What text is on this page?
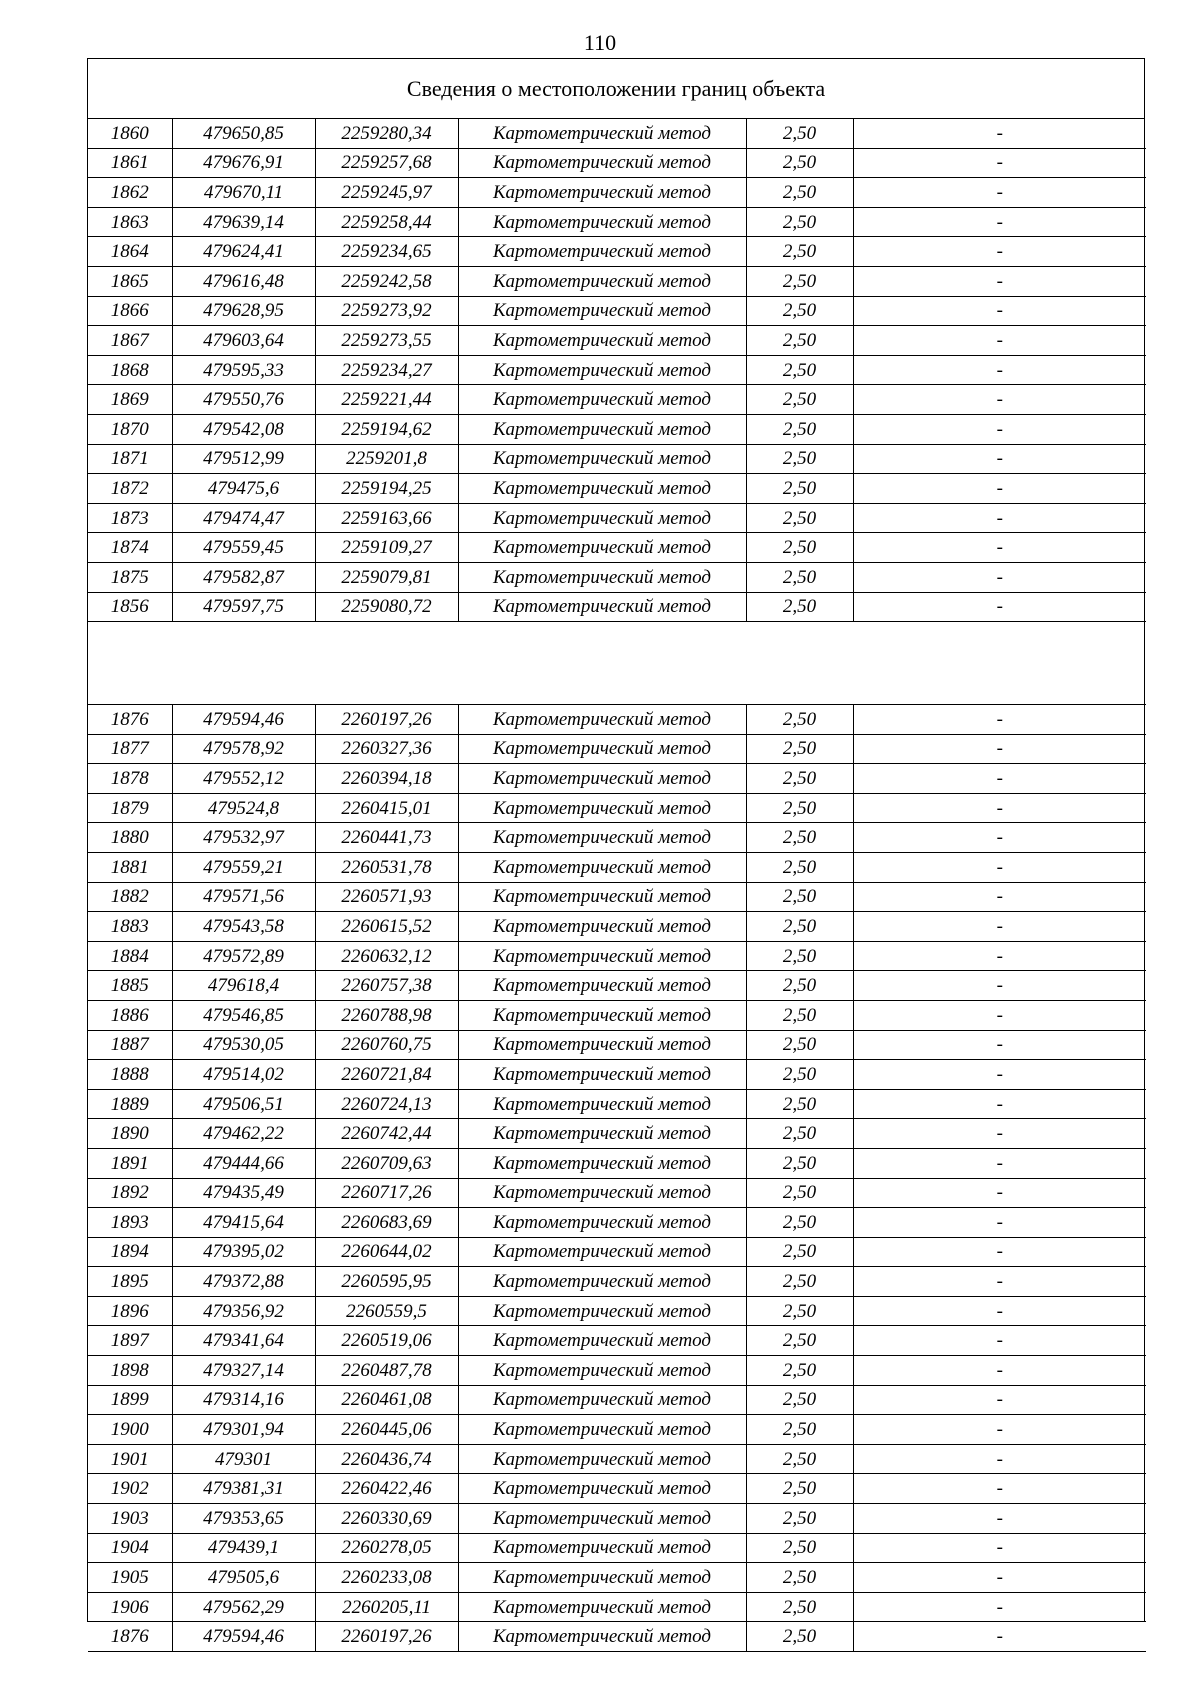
110
Сведения о местоположении границ объекта
1860	479650,85	2259280,34	Картометрический метод	2,50	-
1861	479676,91	2259257,68	Картометрический метод	2,50	-
1862	479670,11	2259245,97	Картометрический метод	2,50	-
1863	479639,14	2259258,44	Картометрический метод	2,50	-
1864	479624,41	2259234,65	Картометрический метод	2,50	-
1865	479616,48	2259242,58	Картометрический метод	2,50	-
1866	479628,95	2259273,92	Картометрический метод	2,50	-
1867	479603,64	2259273,55	Картометрический метод	2,50	-
1868	479595,33	2259234,27	Картометрический метод	2,50	-
1869	479550,76	2259221,44	Картометрический метод	2,50	-
1870	479542,08	2259194,62	Картометрический метод	2,50	-
1871	479512,99	2259201,8	Картометрический метод	2,50	-
1872	479475,6	2259194,25	Картометрический метод	2,50	-
1873	479474,47	2259163,66	Картометрический метод	2,50	-
1874	479559,45	2259109,27	Картометрический метод	2,50	-
1875	479582,87	2259079,81	Картометрический метод	2,50	-
1856	479597,75	2259080,72	Картометрический метод	2,50	-
1876	479594,46	2260197,26	Картометрический метод	2,50	-
1877	479578,92	2260327,36	Картометрический метод	2,50	-
1878	479552,12	2260394,18	Картометрический метод	2,50	-
1879	479524,8	2260415,01	Картометрический метод	2,50	-
1880	479532,97	2260441,73	Картометрический метод	2,50	-
1881	479559,21	2260531,78	Картометрический метод	2,50	-
1882	479571,56	2260571,93	Картометрический метод	2,50	-
1883	479543,58	2260615,52	Картометрический метод	2,50	-
1884	479572,89	2260632,12	Картометрический метод	2,50	-
1885	479618,4	2260757,38	Картометрический метод	2,50	-
1886	479546,85	2260788,98	Картометрический метод	2,50	-
1887	479530,05	2260760,75	Картометрический метод	2,50	-
1888	479514,02	2260721,84	Картометрический метод	2,50	-
1889	479506,51	2260724,13	Картометрический метод	2,50	-
1890	479462,22	2260742,44	Картометрический метод	2,50	-
1891	479444,66	2260709,63	Картометрический метод	2,50	-
1892	479435,49	2260717,26	Картометрический метод	2,50	-
1893	479415,64	2260683,69	Картометрический метод	2,50	-
1894	479395,02	2260644,02	Картометрический метод	2,50	-
1895	479372,88	2260595,95	Картометрический метод	2,50	-
1896	479356,92	2260559,5	Картометрический метод	2,50	-
1897	479341,64	2260519,06	Картометрический метод	2,50	-
1898	479327,14	2260487,78	Картометрический метод	2,50	-
1899	479314,16	2260461,08	Картометрический метод	2,50	-
1900	479301,94	2260445,06	Картометрический метод	2,50	-
1901	479301	2260436,74	Картометрический метод	2,50	-
1902	479381,31	2260422,46	Картометрический метод	2,50	-
1903	479353,65	2260330,69	Картометрический метод	2,50	-
1904	479439,1	2260278,05	Картометрический метод	2,50	-
1905	479505,6	2260233,08	Картометрический метод	2,50	-
1906	479562,29	2260205,11	Картометрический метод	2,50	-
1876	479594,46	2260197,26	Картометрический метод	2,50	-
